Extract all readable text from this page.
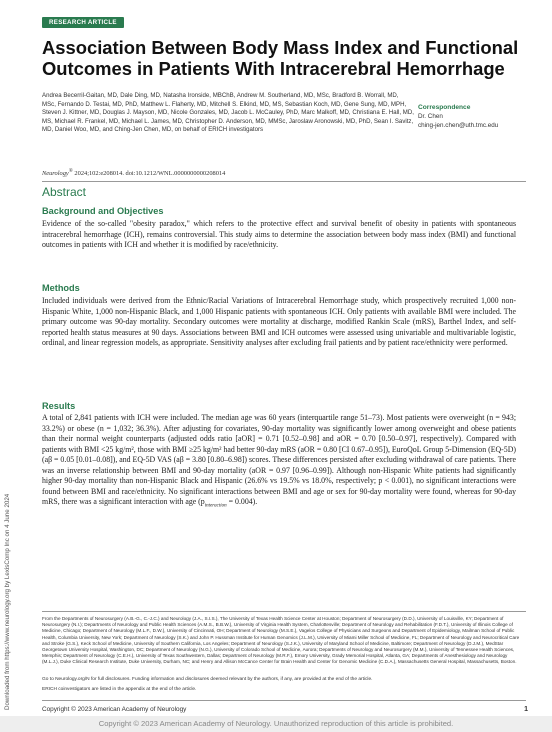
Downloaded from https://www.neurology.org by LexisComp Inc on 4 June 2024
RESEARCH ARTICLE
Association Between Body Mass Index and Functional Outcomes in Patients With Intracerebral Hemorrhage
Andrea Becerril-Gaitan, MD, Dale Ding, MD, Natasha Ironside, MBChB, Andrew M. Southerland, MD, MSc, Bradford B. Worrall, MD, MSc, Fernando D. Testai, MD, PhD, Matthew L. Flaherty, MD, Mitchell S. Elkind, MD, MS, Sebastian Koch, MD, Gene Sung, MD, MPH, Steven J. Kittner, MD, Douglas J. Mayson, MD, Nicole Gonzales, MD, Jacob L. McCauley, PhD, Marc Malkoff, MD, Christiana E. Hall, MD, MS, Michael R. Frankel, MD, Michael L. James, MD, Christopher D. Anderson, MD, MMSc, Jaroslaw Aronowski, MD, PhD, Sean I. Savitz, MD, Daniel Woo, MD, and Ching-Jen Chen, MD, on behalf of ERICH investigators
Neurology® 2024;102:e208014. doi:10.1212/WNL.0000000000208014
Correspondence
Dr. Chen
ching-jen.chen@uth.tmc.edu
Abstract
Background and Objectives
Evidence of the so-called "obesity paradox," which refers to the protective effect and survival benefit of obesity in patients with spontaneous intracerebral hemorrhage (ICH), remains controversial. This study aims to determine the association between body mass index (BMI) and functional outcomes in patients with ICH and whether it is modified by race/ethnicity.
Methods
Included individuals were derived from the Ethnic/Racial Variations of Intracerebral Hemorrhage study, which prospectively recruited 1,000 non-Hispanic White, 1,000 non-Hispanic Black, and 1,000 Hispanic patients with spontaneous ICH. Only patients with available BMI were included. The primary outcome was 90-day mortality. Secondary outcomes were mortality at discharge, modified Rankin Scale (mRS), Barthel Index, and self-reported health status measures at 90 days. Associations between BMI and ICH outcomes were assessed using univariable and multivariable logistic, ordinal, and linear regression models, as appropriate. Sensitivity analyses after excluding frail patients and by patient race/ethnicity were performed.
Results
A total of 2,841 patients with ICH were included. The median age was 60 years (interquartile range 51–73). Most patients were overweight (n = 943; 33.2%) or obese (n = 1,032; 36.3%). After adjusting for covariates, 90-day mortality was significantly lower among overweight and obese patients than their normal weight counterparts (adjusted odds ratio [aOR] = 0.71 [0.52–0.98] and aOR = 0.70 [0.50–0.97], respectively). Compared with patients with BMI <25 kg/m², those with BMI ≥25 kg/m² had better 90-day mRS (aOR = 0.80 [CI 0.67–0.95]), EuroQoL Group 5-Dimension (EQ-5D) (aβ = 0.05 [0.01–0.08]), and EQ-5D VAS (aβ = 3.80 [0.80–6.98]) scores. These differences persisted after excluding withdrawal of care patients. There was an inverse relationship between BMI and 90-day mortality (aOR = 0.97 [0.96–0.99]). Although non-Hispanic White patients had significantly higher 90-day mortality than non-Hispanic Black and Hispanic (26.6% vs 19.5% vs 18.0%, respectively; p < 0.001), no significant interactions were found between BMI and race/ethnicity. No significant interactions between BMI and age or sex for 90-day mortality were found, whereas for 90-day mRS, there was a significant interaction with age $(p_{interaction} = 0.004)$.
From the Departments of Neurosurgery (A.B.-G., C.-J.C.) and Neurology (J.A., S.I.S.), The University of Texas Health Science Center at Houston; Department of Neurosurgery (D.D.), University of Louisville, KY; Department of Neurosurgery (N.I.); Departments of Neurology and Public Health Sciences (A.M.S., B.B.W.), University of Virginia Health System, Charlottesville; Department of Neurology and Rehabilitation (F.D.T.), University of Illinois College of Medicine, Chicago; Department of Neurology (M.L.F., D.W.), University of Cincinnati, OH; Department of Neurology (M.S.E.), Vagelos College of Physicians and Surgeons and Department of Epidemiology, Mailman School of Public Health, Columbia University, New York; Department of Neurology (S.K.) and John P. Hussman Institute for Human Genomics (J.L.M.), University of Miami Miller School of Medicine, FL; Department of Neurology and Neurocritical Care and Stroke (G.S.), Keck School of Medicine, University of Southern California, Los Angeles; Department of Neurology (S.J.K.), University of Maryland School of Medicine, Baltimore; Department of Neurology (D.J.M.), MedStar Georgetown University Hospital, Washington, DC; Department of Neurology (N.G.), University of Colorado School of Medicine, Aurora; Departments of Neurology and Neurosurgery (M.M.), University of Tennessee Health Sciences, Memphis; Department of Neurology (C.E.H.), University of Texas Southwestern, Dallas; Department of Neurology (M.R.F.), Emory University, Grady Memorial Hospital, Atlanta, GA; Departments of Anesthesiology and Neurology (M.L.J.), Duke Clinical Research Institute, Duke University, Durham, NC; and Henry and Allison McCance Center for Brain Health and Center for Genomic Medicine (C.D.A.), Massachusetts General Hospital, Massachusetts, Boston.
Go to Neurology.org/N for full disclosures. Funding information and disclosures deemed relevant by the authors, if any, are provided at the end of the article.
ERICH coinvestigators are listed in the appendix at the end of the article.
Copyright © 2023 American Academy of Neurology	1
Copyright © 2023 American Academy of Neurology. Unauthorized reproduction of this article is prohibited.
